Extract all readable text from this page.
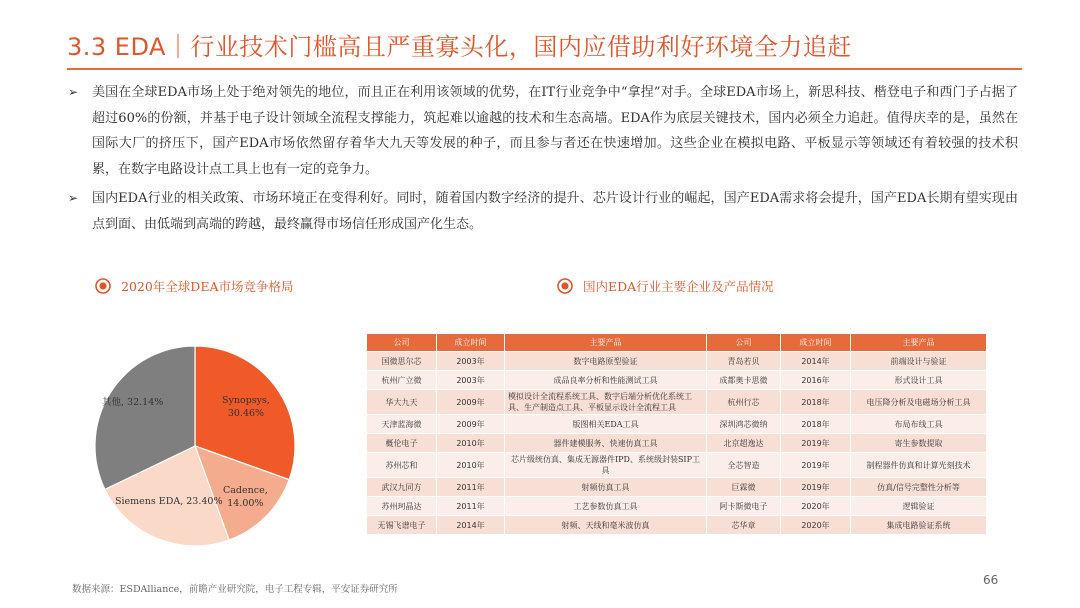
3.3 EDA｜行业技术门槛高且严重寡头化，国内应借助利好环境全力追赶
➢	美国在全球EDA市场上处于绝对领先的地位，而且正在利用该领域的优势，在IT行业竞争中“拿捏”对手。全球EDA市场上，新思科技、楷登电子和西门子占据了超过60%的份额，并基于电子设计领域全流程支撑能力，筑起难以逾越的技术和生态高墙。EDA作为底层关键技术，国内必须全力追赶。值得庆幸的是，虽然在国际大厂的挤压下，国产EDA市场依然留存着华大九天等发展的种子，而且参与者还在快速增加。这些企业在模拟电路、平板显示等领域还有着较强的技术积累，在数字电路设计点工具上也有一定的竞争力。
➢	国内EDA行业的相关政策、市场环境正在变得利好。同时，随着国内数字经济的提升、芯片设计行业的崛起，国产EDA需求将会提升，国产EDA长期有望实现由点到面、由低端到高端的跨越，最终赢得市场信任形成国产化生态。
2020年全球DEA市场竞争格局	国内EDA行业主要企业及产品情况
Synopsys,
30.46%
Cadence,
14.00%
Siemens EDA, 23.40%
其他, 32.14%
公司	成立时间	主要产品	公司	成立时间	主要产品
国微思尔芯	2003年	数字电路原型验证	青岛若贝	2014年	前端设计与验证
杭州广立微	2003年	成品良率分析和性能测试工具	成都奥卡思微	2016年	形式设计工具
华大九天	2009年	模拟设计全流程系统工具、数字后端分析优化系统工具、生产制造点工具、平板显示设计全流程工具	杭州行芯	2018年	电压降分析及电磁场分析工具
天津蓝海微	2009年	版图相关EDA工具	深圳鸿芯微纳	2018年	布局布线工具
概伦电子	2010年	器件建模服务、快速仿真工具	北京超逸达	2019年	寄生参数提取
苏州芯和	2010年	芯片级统仿真、集成无源器件IPD、系统级封装SIP工具	全芯智造	2019年	制程器件仿真和计算光刻技术
武汉九同方	2011年	射频仿真工具	巨霖微	2019年	仿真/信号完整性分析等
苏州珂晶达	2011年	工艺参数仿真工具	阿卡斯微电子	2020年	逻辑验证
无锡飞谱电子	2014年	射频、天线和毫米波仿真	芯华章	2020年	集成电路验证系统
数据来源：ESDAlliance，前瞻产业研究院，电子工程专辑，平安证券研究所
66
